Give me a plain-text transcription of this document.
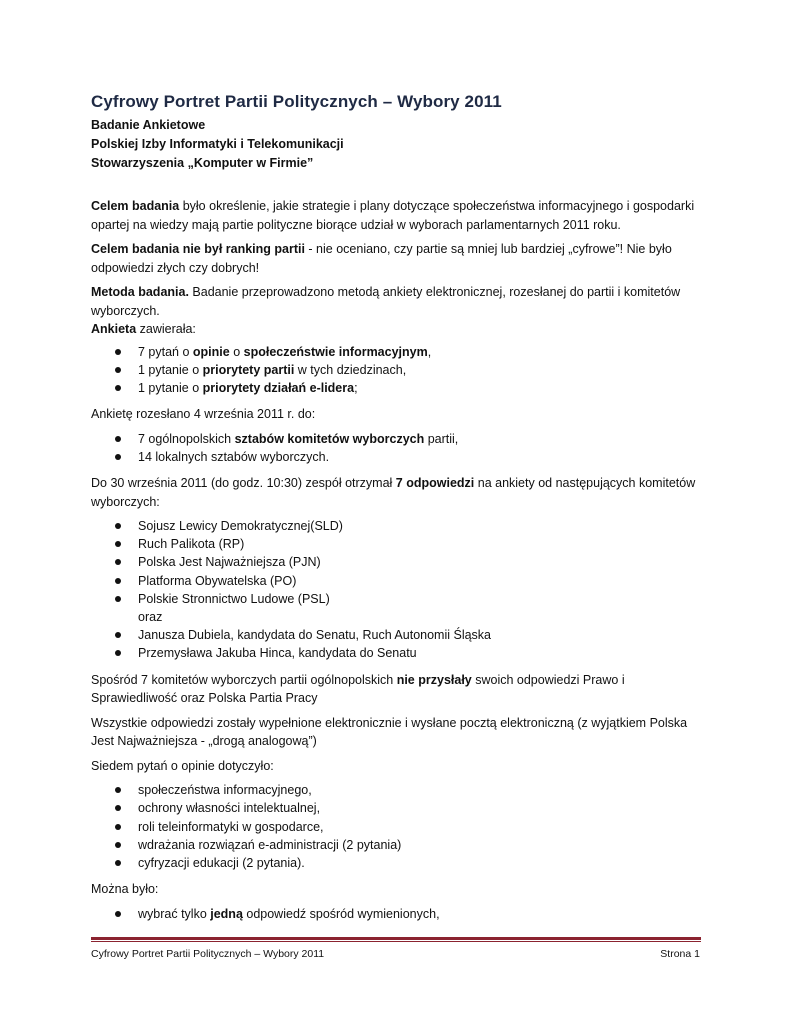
Cyfrowy Portret Partii Politycznych – Wybory 2011

Badanie Ankietowe

Polskiej Izby Informatyki i Telekomunikacji

Stowarzyszenia „Komputer w Firmie”

Celem badania było określenie, jakie strategie i plany dotyczące społeczeństwa informacyjnego i gospodarki opartej na wiedzy mają partie polityczne biorące udział w wyborach parlamentarnych 2011 roku.

Celem badania nie był ranking partii - nie oceniano, czy partie są mniej lub bardziej „cyfrowe”! Nie było odpowiedzi złych czy dobrych!

Metoda badania. Badanie przeprowadzono metodą ankiety elektronicznej, rozesłanej do partii i komitetów wyborczych.
Ankieta zawierała:

7 pytań o opinie o społeczeństwie informacyjnym,
1 pytanie o priorytety partii w tych dziedzinach,
1 pytanie o priorytety działań e-lidera;

Ankietę rozesłano 4 września 2011 r. do:

7 ogólnopolskich sztabów komitetów wyborczych partii,
14 lokalnych sztabów wyborczych.

Do 30 września 2011 (do godz. 10:30) zespół otrzymał 7 odpowiedzi na ankiety od następujących komitetów wyborczych:

Sojusz Lewicy Demokratycznej(SLD)
Ruch Palikota (RP)
Polska Jest Najważniejsza (PJN)
Platforma Obywatelska (PO)
Polskie Stronnictwo Ludowe (PSL)
oraz
Janusza Dubiela, kandydata do Senatu, Ruch Autonomii Śląska
Przemysława Jakuba Hinca, kandydata do Senatu

Spośród 7 komitetów wyborczych partii ogólnopolskich nie przysłały swoich odpowiedzi Prawo i Sprawiedliwość oraz Polska Partia Pracy

Wszystkie odpowiedzi zostały wypełnione elektronicznie i wysłane pocztą elektroniczną (z wyjątkiem Polska Jest Najważniejsza - „drogą analogową”)

Siedem pytań o opinie dotyczyło:

społeczeństwa informacyjnego,
ochrony własności intelektualnej,
roli teleinformatyki w gospodarce,
wdrażania rozwiązań e-administracji (2 pytania)
cyfryzacji edukacji (2 pytania).

Można było:

wybrać tylko jedną odpowiedź spośród wymienionych,
Cyfrowy Portret Partii Politycznych – Wybory 2011	Strona 1
